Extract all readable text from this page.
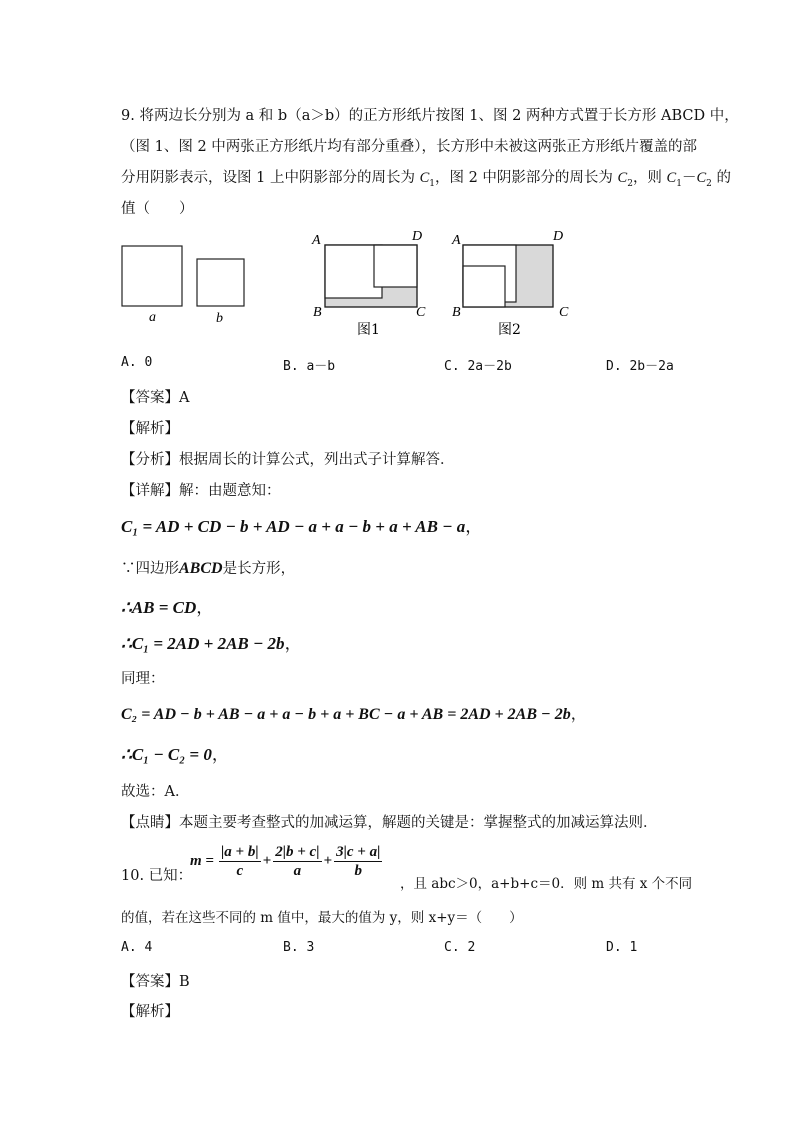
9. 将两边长分别为 a 和 b（a＞b）的正方形纸片按图 1、图 2 两种方式置于长方形 ABCD 中，
（图 1、图 2 中两张正方形纸片均有部分重叠），长方形中未被这两张正方形纸片覆盖的部
分用阴影表示，设图 1 上中阴影部分的周长为 $C_1$，图 2 中阴影部分的周长为 $C_2$，则 $C_1-C_2$ 的
值（　　）
a	b
A	D
B	C
图1
A	D
B	C
图2
A. 0	B. a－b	C. 2a－2b	D. 2b－2a
【答案】A
【解析】
【分析】根据周长的计算公式，列出式子计算解答．
【详解】解：由题意知：
C₁ = AD + CD − b + AD − a + a − b + a + AB − a，
∵四边形ABCD是长方形，
∴AB = CD，
∴C₁ = 2AD + 2AB − 2b，
同理：
C₂ = AD − b + AB − a + a − b + a + BC − a + AB = 2AD + 2AB − 2b，
∴C₁ − C₂ = 0，
故选：A．
【点睛】本题主要考查整式的加减运算，解题的关键是：掌握整式的加减运算法则．
10. 已知：
$m = \frac{|a + b|}{c} + \frac{2|b + c|}{a} + \frac{3|c + a|}{b}$
，且 abc＞0，a+b+c＝0．则 m 共有 x 个不同
的值，若在这些不同的 m 值中，最大的值为 y，则 x+y＝（　　）
A. 4	B. 3	C. 2	D. 1
【答案】B
【解析】
